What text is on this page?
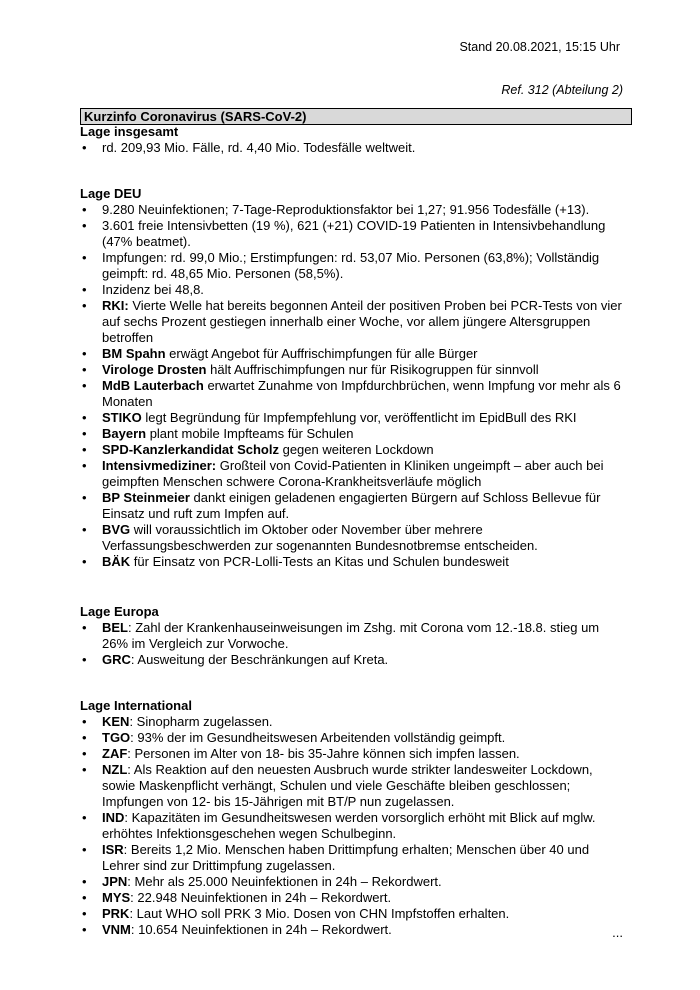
Stand 20.08.2021, 15:15 Uhr
Ref. 312 (Abteilung 2)
Kurzinfo Coronavirus (SARS-CoV-2)
Lage insgesamt
• rd. 209,93 Mio. Fälle, rd. 4,40 Mio. Todesfälle weltweit.
Lage DEU
• 9.280 Neuinfektionen; 7-Tage-Reproduktionsfaktor bei 1,27; 91.956 Todesfälle (+13).
• 3.601 freie Intensivbetten (19 %), 621 (+21) COVID-19 Patienten in Intensivbehandlung (47% beatmet).
• Impfungen: rd. 99,0 Mio.; Erstimpfungen: rd. 53,07 Mio. Personen (63,8%); Vollständig geimpft: rd. 48,65 Mio. Personen (58,5%).
• Inzidenz bei 48,8.
• RKI: Vierte Welle hat bereits begonnen Anteil der positiven Proben bei PCR-Tests von vier auf sechs Prozent gestiegen innerhalb einer Woche, vor allem jüngere Altersgruppen betroffen
• BM Spahn erwägt Angebot für Auffrischimpfungen für alle Bürger
• Virologe Drosten hält Auffrischimpfungen nur für Risikogruppen für sinnvoll
• MdB Lauterbach erwartet Zunahme von Impfdurchbrüchen, wenn Impfung vor mehr als 6 Monaten
• STIKO legt Begründung für Impfempfehlung vor, veröffentlicht im EpidBull des RKI
• Bayern plant mobile Impfteams für Schulen
• SPD-Kanzlerkandidat Scholz gegen weiteren Lockdown
• Intensivmediziner: Großteil von Covid-Patienten in Kliniken ungeimpft – aber auch bei geimpften Menschen schwere Corona-Krankheitsverläufe möglich
• BP Steinmeier dankt einigen geladenen engagierten Bürgern auf Schloss Bellevue für Einsatz und ruft zum Impfen auf.
• BVG will voraussichtlich im Oktober oder November über mehrere Verfassungsbeschwerden zur sogenannten Bundesnotbremse entscheiden.
• BÄK für Einsatz von PCR-Lolli-Tests an Kitas und Schulen bundesweit
Lage Europa
• BEL: Zahl der Krankenhauseinweisungen im Zshg. mit Corona vom 12.-18.8. stieg um 26% im Vergleich zur Vorwoche.
• GRC: Ausweitung der Beschränkungen auf Kreta.
Lage International
• KEN: Sinopharm zugelassen.
• TGO: 93% der im Gesundheitswesen Arbeitenden vollständig geimpft.
• ZAF: Personen im Alter von 18- bis 35-Jahre können sich impfen lassen.
• NZL: Als Reaktion auf den neuesten Ausbruch wurde strikter landesweiter Lockdown, sowie Maskenpflicht verhängt, Schulen und viele Geschäfte bleiben geschlossen; Impfungen von 12- bis 15-Jährigen mit BT/P nun zugelassen.
• IND: Kapazitäten im Gesundheitswesen werden vorsorglich erhöht mit Blick auf mglw. erhöhtes Infektionsgeschehen wegen Schulbeginn.
• ISR: Bereits 1,2 Mio. Menschen haben Drittimpfung erhalten; Menschen über 40 und Lehrer sind zur Drittimpfung zugelassen.
• JPN: Mehr als 25.000 Neuinfektionen in 24h – Rekordwert.
• MYS: 22.948 Neuinfektionen in 24h – Rekordwert.
• PRK: Laut WHO soll PRK 3 Mio. Dosen von CHN Impfstoffen erhalten.
• VNM: 10.654 Neuinfektionen in 24h – Rekordwert.	...
